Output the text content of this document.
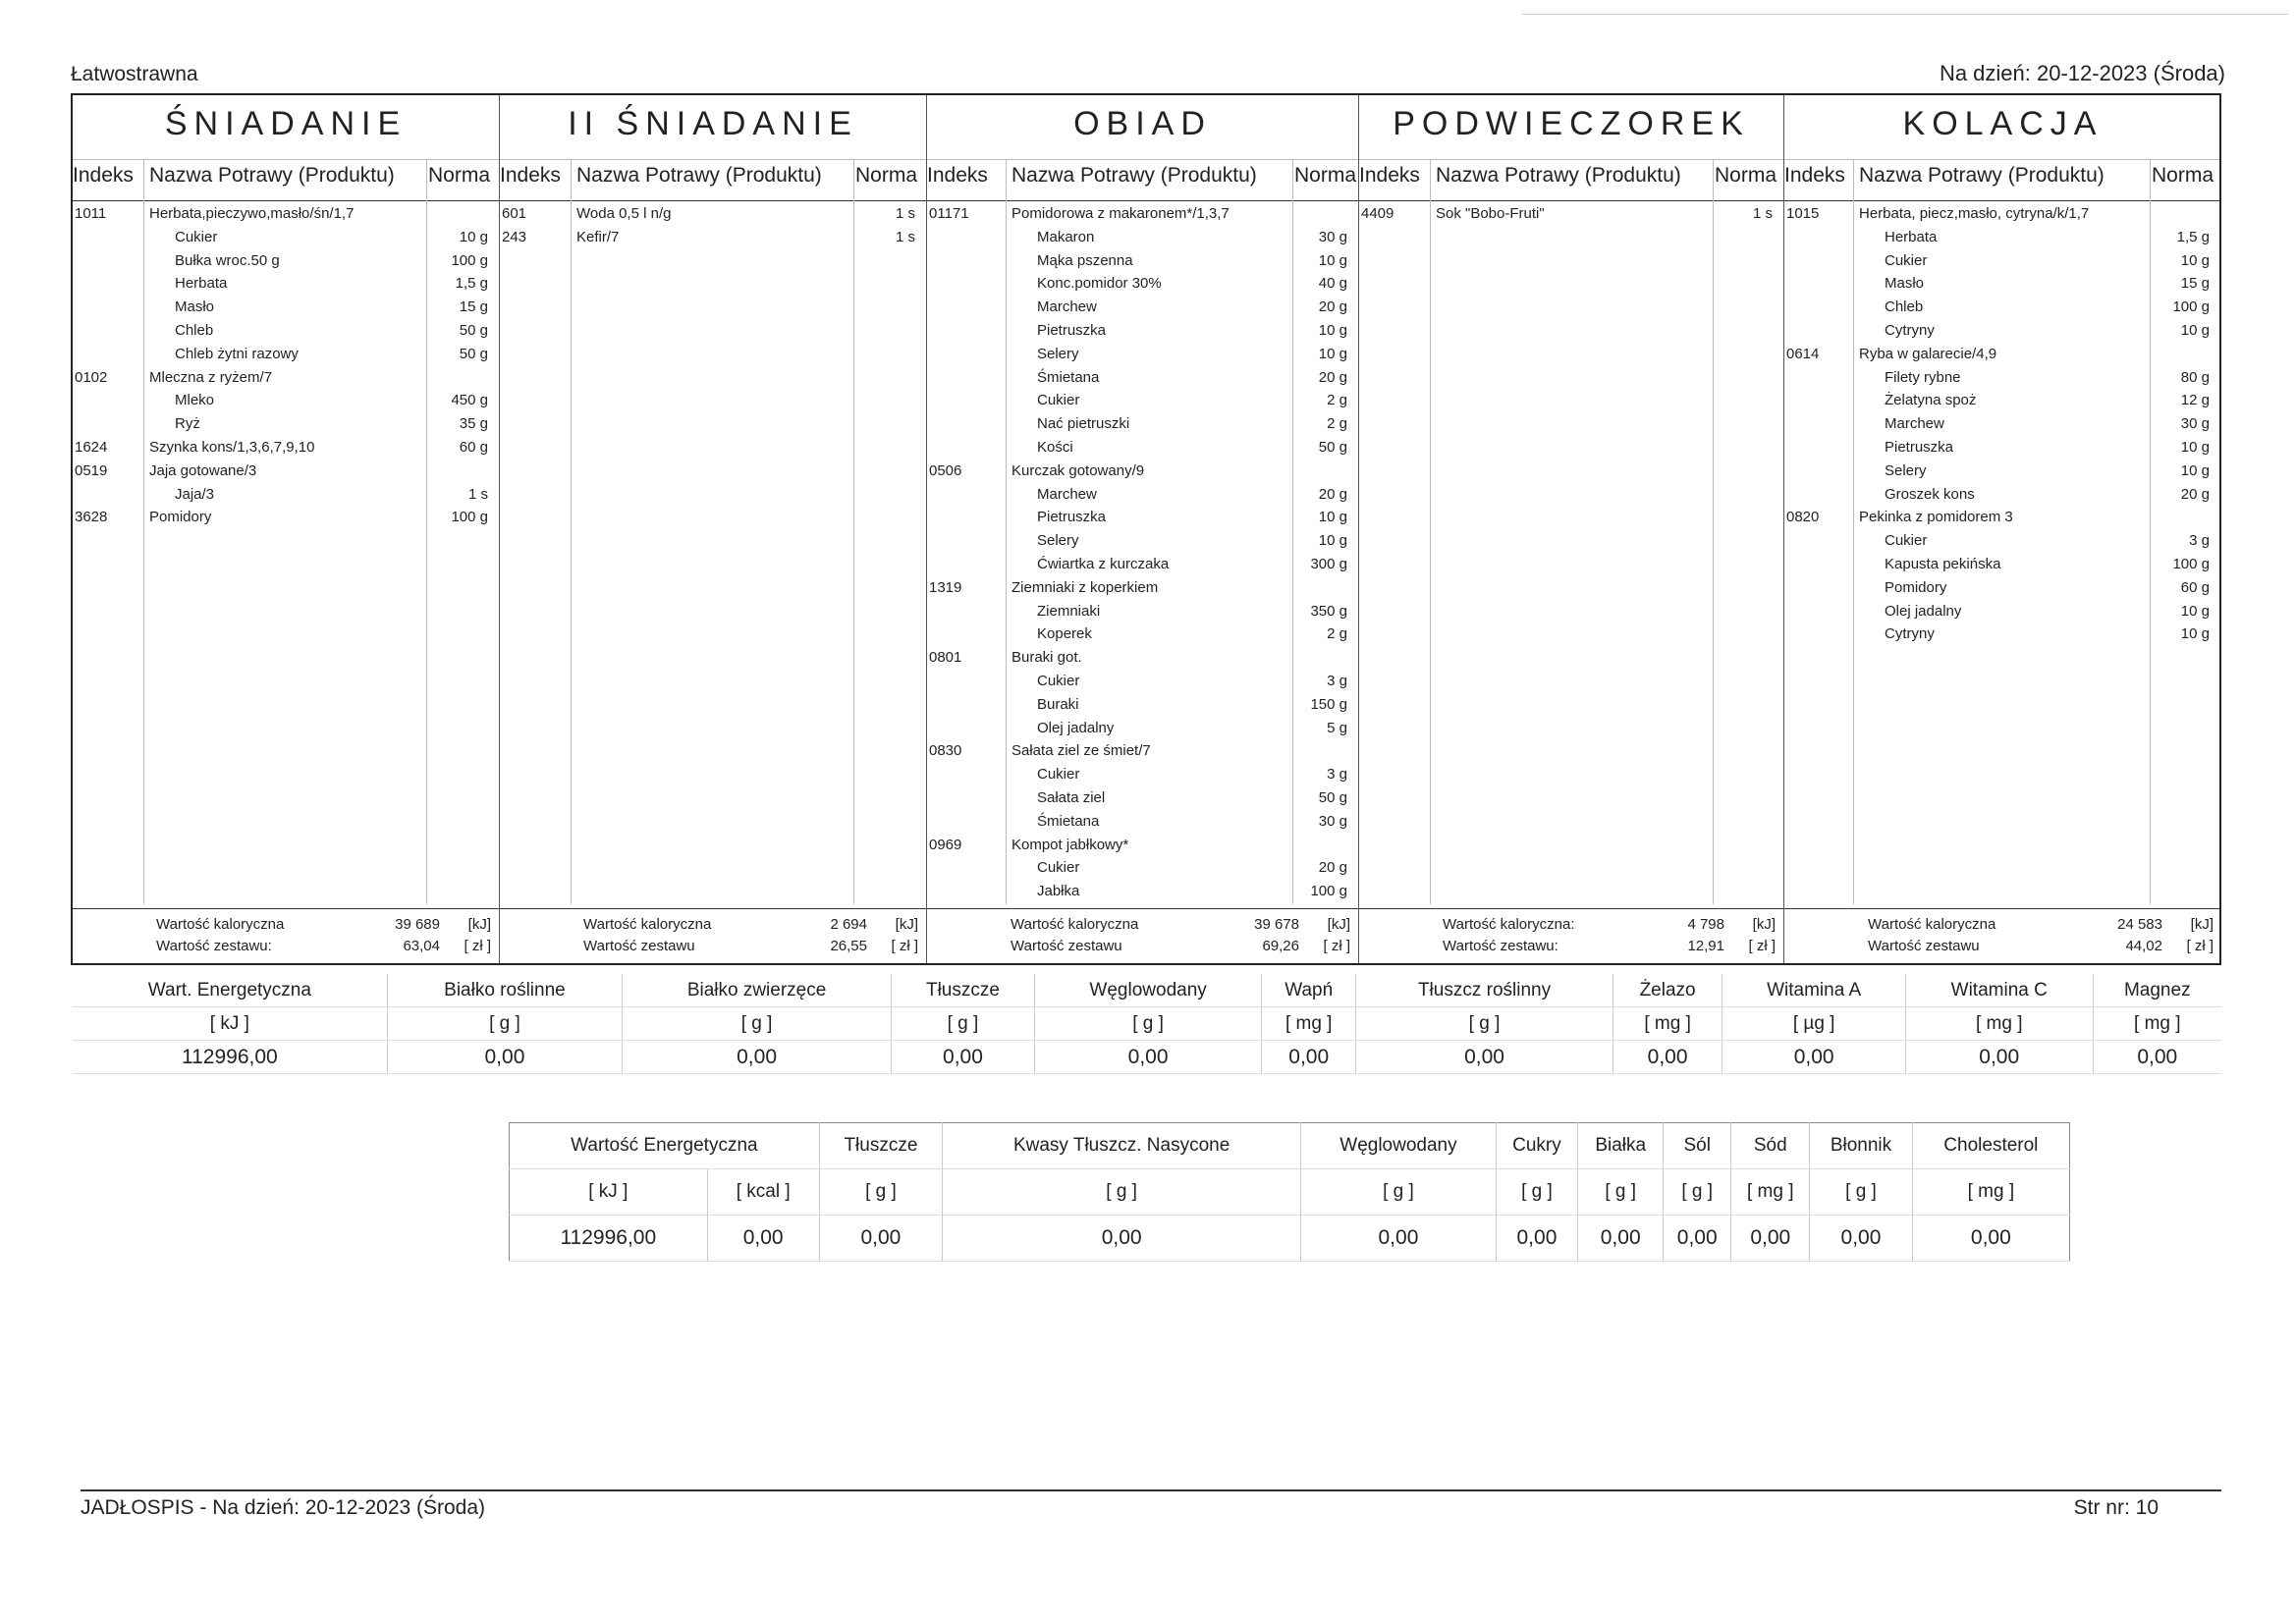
Łatwostrawna	Na dzień: 20-12-2023 (Środa)
ŚNIADANIE
Indeks Nazwa Potrawy (Produktu) Norma
1011	Herbata,pieczywo,masło/śn/1,7
Cukier	10 g
Bułka wroc.50 g	100 g
Herbata	1,5 g
Masło	15 g
Chleb	50 g
Chleb żytni razowy	50 g
0102	Mleczna z ryżem/7
Mleko	450 g
Ryż	35 g
1624	Szynka kons/1,3,6,7,9,10	60 g
0519	Jaja gotowane/3
Jaja/3	1 s
3628	Pomidory	100 g
Wartość kaloryczna	39 689 [kJ]
Wartość zestawu:	63,04 [ zł ]
II ŚNIADANIE
Indeks Nazwa Potrawy (Produktu) Norma
601	Woda 0,5 l n/g	1 s
243	Kefir/7	1 s
Wartość kaloryczna	2 694 [kJ]
Wartość zestawu	26,55 [ zł ]
OBIAD
Indeks Nazwa Potrawy (Produktu) Norma
01171	Pomidorowa z makaronem*/1,3,7
Makaron	30 g
Mąka pszenna	10 g
Konc.pomidor 30%	40 g
Marchew	20 g
Pietruszka	10 g
Selery	10 g
Śmietana	20 g
Cukier	2 g
Nać pietruszki	2 g
Kości	50 g
0506	Kurczak gotowany/9
Marchew	20 g
Pietruszka	10 g
Selery	10 g
Ćwiartka z kurczaka	300 g
1319	Ziemniaki z koperkiem
Ziemniaki	350 g
Koperek	2 g
0801	Buraki got.
Cukier	3 g
Buraki	150 g
Olej jadalny	5 g
0830	Sałata ziel ze śmiet/7
Cukier	3 g
Sałata ziel	50 g
Śmietana	30 g
0969	Kompot jabłkowy*
Cukier	20 g
Jabłka	100 g
Wartość kaloryczna	39 678 [kJ]
Wartość zestawu	69,26 [ zł ]
PODWIECZOREK
Indeks Nazwa Potrawy (Produktu) Norma
4409	Sok "Bobo-Fruti"	1 s
Wartość kaloryczna:	4 798 [kJ]
Wartość zestawu:	12,91 [ zł ]
KOLACJA
Indeks Nazwa Potrawy (Produktu) Norma
1015	Herbata, piecz,masło, cytryna/k/1,7
Herbata	1,5 g
Cukier	10 g
Masło	15 g
Chleb	100 g
Cytryny	10 g
0614	Ryba w galarecie/4,9
Filety rybne	80 g
Żelatyna spoż	12 g
Marchew	30 g
Pietruszka	10 g
Selery	10 g
Groszek kons	20 g
0820	Pekinka z pomidorem 3
Cukier	3 g
Kapusta pekińska	100 g
Pomidory	60 g
Olej jadalny	10 g
Cytryny	10 g
Wartość kaloryczna	24 583 [kJ]
Wartość zestawu	44,02 [ zł ]
Wart. Energetyczna	Białko roślinne	Białko zwierzęce	Tłuszcze	Węglowodany	Wapń	Tłuszcz roślinny	Żelazo	Witamina A	Witamina C	Magnez
[ kJ ]	[ g ]	[ g ]	[ g ]	[ g ]	[ mg ]	[ g ]	[ mg ]	[ µg ]	[ mg ]	[ mg ]
112996,00	0,00	0,00	0,00	0,00	0,00	0,00	0,00	0,00	0,00	0,00
Wartość Energetyczna		Tłuszcze	Kwasy Tłuszcz. Nasycone	Węglowodany	Cukry	Białka	Sól	Sód	Błonnik	Cholesterol
[ kJ ]	[ kcal ]	[ g ]	[ g ]	[ g ]	[ g ]	[ g ]	[ g ]	[ mg ]	[ g ]	[ mg ]
112996,00	0,00	0,00	0,00	0,00	0,00	0,00	0,00	0,00	0,00	0,00
JADŁOSPIS - Na dzień: 20-12-2023 (Środa)	Str nr: 10
